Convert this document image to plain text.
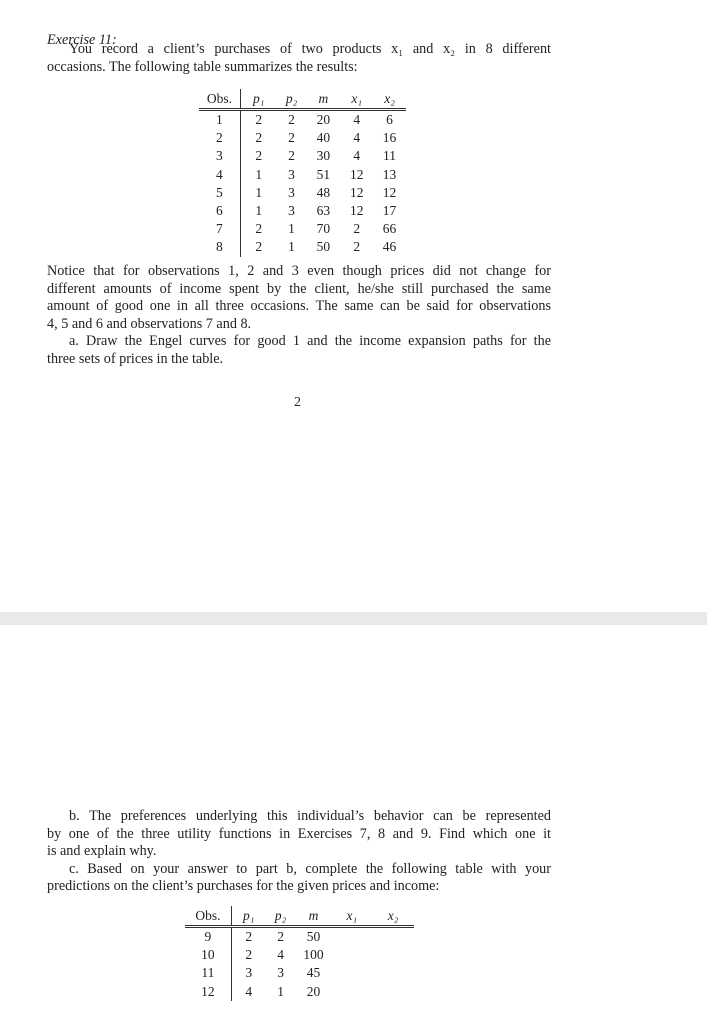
Exercise 11:
You record a client’s purchases of two products x₁ and x₂ in 8 different
occasions. The following table summarizes the results:
Obs.	p₁	p₂	m	x₁	x₂
1	2	2	20	4	6
2	2	2	40	4	16
3	2	2	30	4	11
4	1	3	51	12	13
5	1	3	48	12	12
6	1	3	63	12	17
7	2	1	70	2	66
8	2	1	50	2	46
Notice that for observations 1, 2 and 3 even though prices did not change for
different amounts of income spent by the client, he/she still purchased the same
amount of good one in all three occasions. The same can be said for observations
4, 5 and 6 and observations 7 and 8.
a. Draw the Engel curves for good 1 and the income expansion paths for the
three sets of prices in the table.
2
b. The preferences underlying this individual’s behavior can be represented
by one of the three utility functions in Exercises 7, 8 and 9. Find which one it
is and explain why.
c. Based on your answer to part b, complete the following table with your
predictions on the client’s purchases for the given prices and income:
Obs.	p₁	p₂	m	x₁	x₂
9	2	2	50		
10	2	4	100		
11	3	3	45		
12	4	1	20		
